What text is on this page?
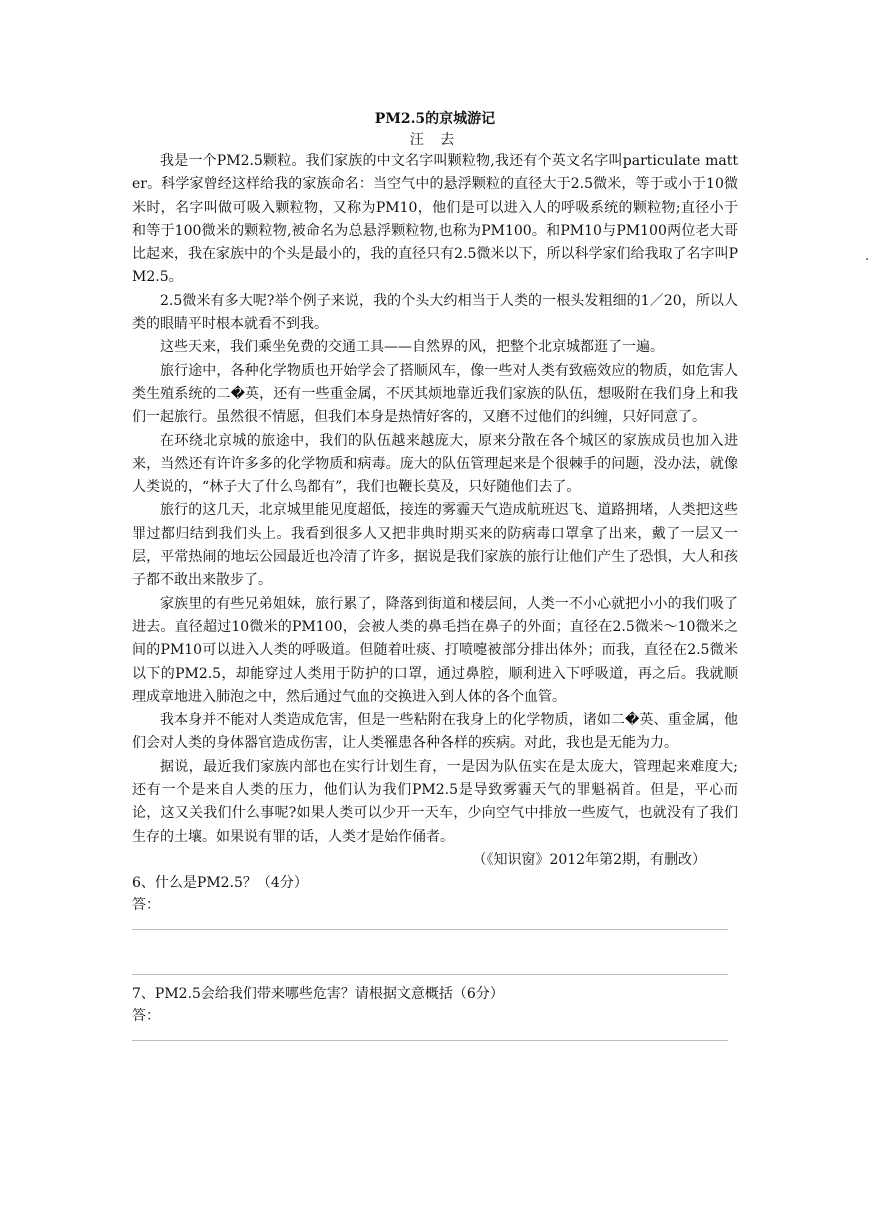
PM2.5的京城游记
汪 去

我是一个PM2.5颗粒。我们家族的中文名字叫颗粒物,我还有个英文名字叫particulate matter。科学家曾经这样给我的家族命名：当空气中的悬浮颗粒的直径大于2.5微米，等于或小于10微米时，名字叫做可吸入颗粒物，又称为PM10，他们是可以进入人的呼吸系统的颗粒物;直径小于和等于100微米的颗粒物,被命名为总悬浮颗粒物,也称为PM100。和PM10与PM100两位老大哥比起来，我在家族中的个头是最小的，我的直径只有2.5微米以下，所以科学家们给我取了名字叫PM2.5。

2.5微米有多大呢?举个例子来说，我的个头大约相当于人类的一根头发粗细的1／20，所以人类的眼睛平时根本就看不到我。

这些天来，我们乘坐免费的交通工具——自然界的风，把整个北京城都逛了一遍。

旅行途中，各种化学物质也开始学会了搭顺风车，像一些对人类有致癌效应的物质，如危害人类生殖系统的二�英，还有一些重金属，不厌其烦地靠近我们家族的队伍，想吸附在我们身上和我们一起旅行。虽然很不情愿，但我们本身是热情好客的，又磨不过他们的纠缠，只好同意了。

在环绕北京城的旅途中，我们的队伍越来越庞大，原来分散在各个城区的家族成员也加入进来，当然还有许许多多的化学物质和病毒。庞大的队伍管理起来是个很棘手的问题，没办法，就像人类说的，“林子大了什么鸟都有”，我们也鞭长莫及，只好随他们去了。

旅行的这几天，北京城里能见度超低，接连的雾霾天气造成航班迟飞、道路拥堵，人类把这些罪过都归结到我们头上。我看到很多人又把非典时期买来的防病毒口罩拿了出来，戴了一层又一层，平常热闹的地坛公园最近也冷清了许多，据说是我们家族的旅行让他们产生了恐惧，大人和孩子都不敢出来散步了。

家族里的有些兄弟姐妹，旅行累了，降落到街道和楼层间，人类一不小心就把小小的我们吸了进去。直径超过10微米的PM100，会被人类的鼻毛挡在鼻子的外面；直径在2.5微米～10微米之间的PM10可以进入人类的呼吸道。但随着吐痰、打喷嚏被部分排出体外；而我，直径在2.5微米以下的PM2.5，却能穿过人类用于防护的口罩，通过鼻腔，顺利进入下呼吸道，再之后。我就顺理成章地进入肺泡之中，然后通过气血的交换进入到人体的各个血管。

我本身并不能对人类造成危害，但是一些粘附在我身上的化学物质，诸如二�英、重金属，他们会对人类的身体器官造成伤害，让人类罹患各种各样的疾病。对此，我也是无能为力。

据说，最近我们家族内部也在实行计划生育，一是因为队伍实在是太庞大，管理起来难度大;还有一个是来自人类的压力，他们认为我们PM2.5是导致雾霾天气的罪魁祸首。但是，平心而论，这又关我们什么事呢?如果人类可以少开一天车，少向空气中排放一些废气，也就没有了我们生存的土壤。如果说有罪的话，人类才是始作俑者。

（《知识窗》2012年第2期，有删改）

6、什么是PM2.5？（4分）

答：

7、PM2.5会给我们带来哪些危害？请根据文意概括（6分）

答：
